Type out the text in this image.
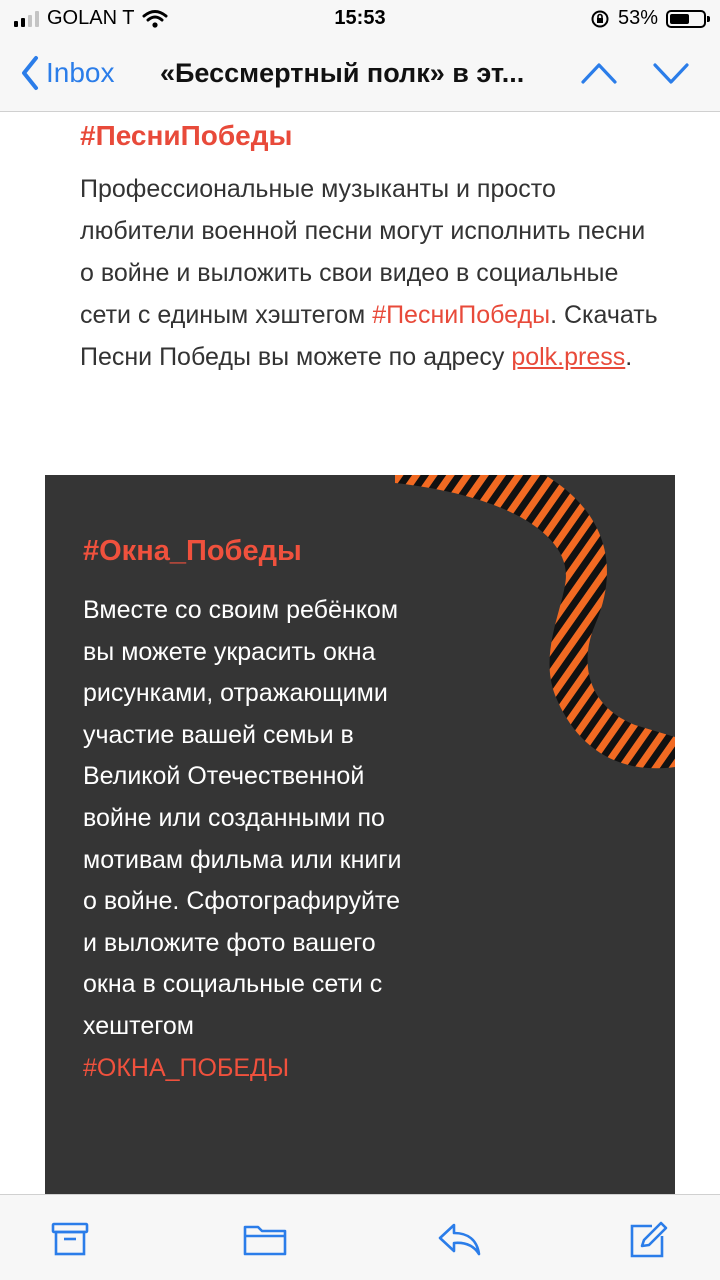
GOLAN T	15:53	53%
Inbox «Бессмертный полк» в эт...
#ПесниПобеды
Профессиональные музыканты и просто любители военной песни могут исполнить песни о войне и выложить свои видео в социальные сети с единым хэштегом #ПесниПобеды. Скачать Песни Победы вы можете по адресу polk.press.
#Окна_Победы
Вместе со своим ребёнком вы можете украсить окна рисунками, отражающими участие вашей семьи в Великой Отечественной войне или созданными по мотивам фильма или книги о войне. Сфотографируйте и выложите фото вашего окна в социальные сети с хештегом #ОКНА_ПОБЕДЫ
